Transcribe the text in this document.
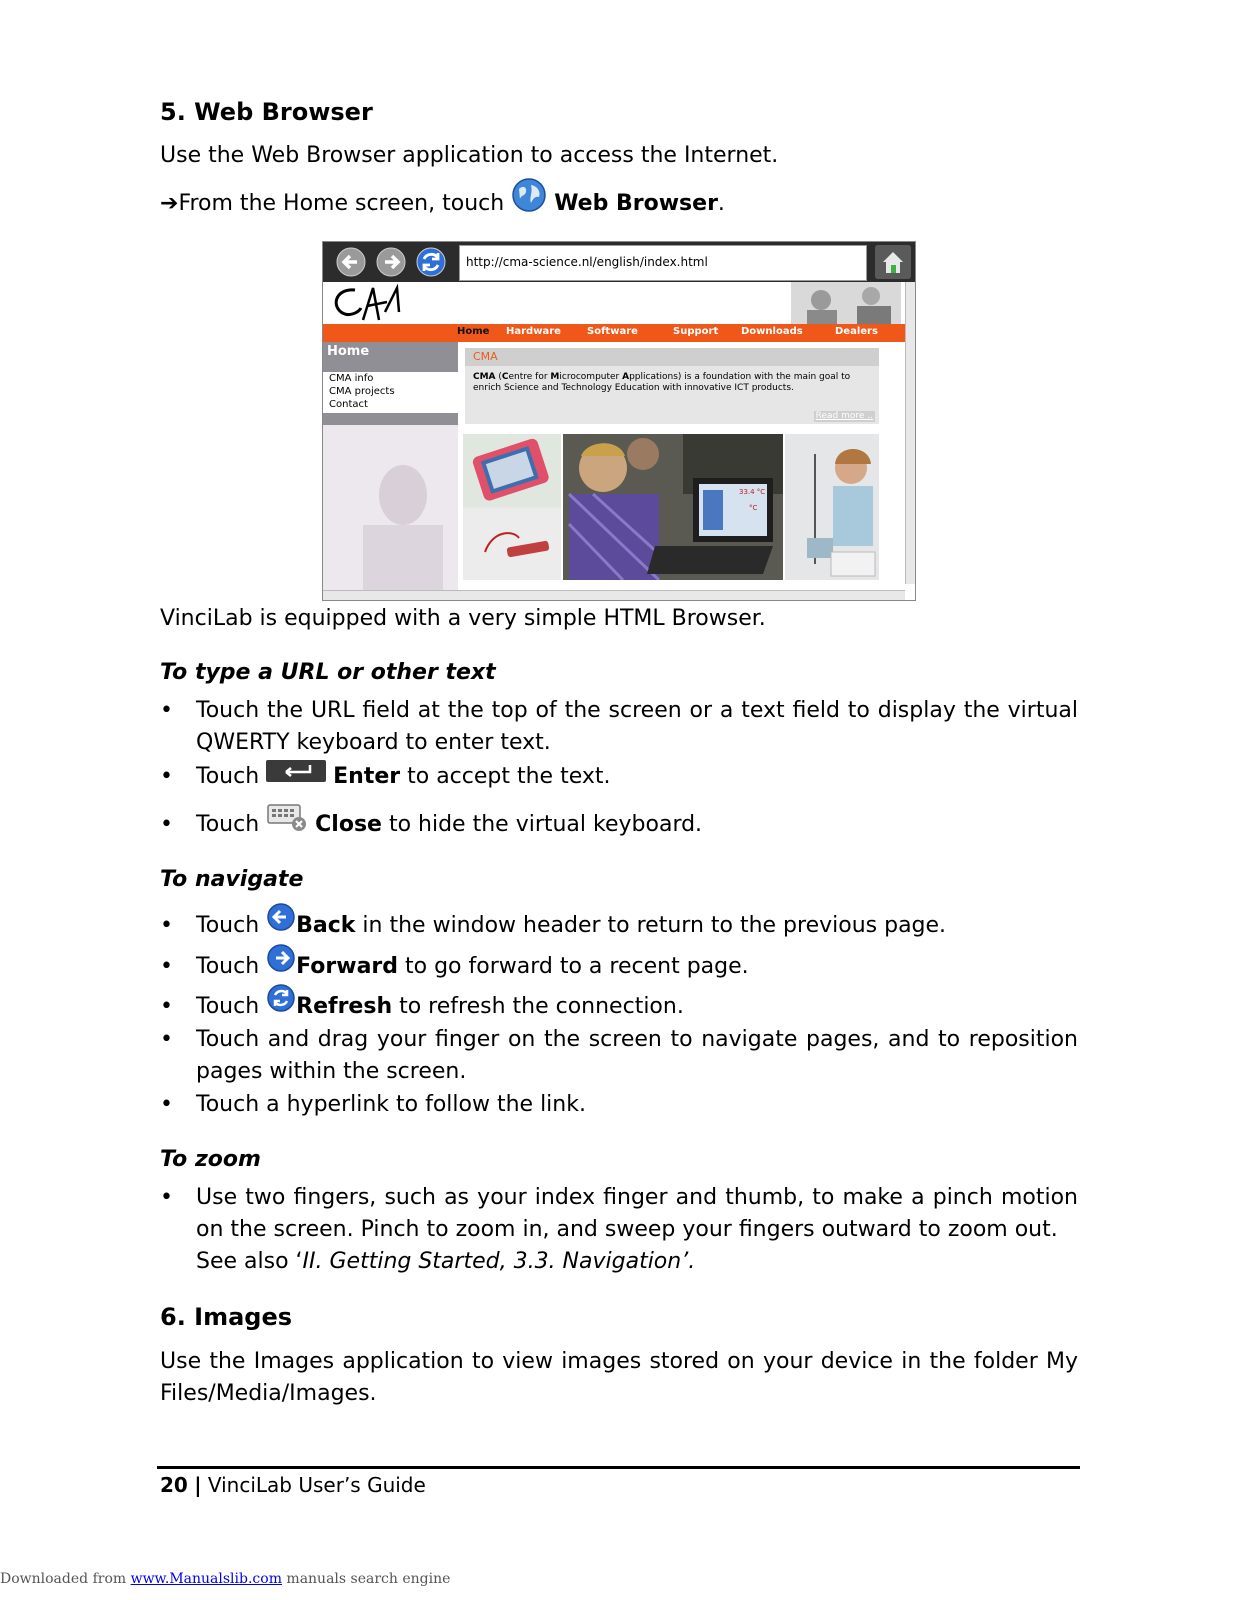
5. Web Browser

Use the Web Browser application to access the Internet.

➔From the Home screen, touch  Web Browser.

VinciLab is equipped with a very simple HTML Browser.

To type a URL or other text

• Touch the URL field at the top of the screen or a text field to display the virtual QWERTY keyboard to enter text.
• Touch	Enter to accept the text.
• Touch  Close to hide the virtual keyboard.

To navigate

• Touch Back in the window header to return to the previous page.
• Touch Forward to go forward to a recent page.
• Touch Refresh to refresh the connection.
• Touch and drag your finger on the screen to navigate pages, and to reposition pages within the screen.
• Touch a hyperlink to follow the link.

To zoom

• Use two fingers, such as your index finger and thumb, to make a pinch motion on the screen. Pinch to zoom in, and sweep your fingers outward to zoom out.
See also ‘II. Getting Started, 3.3. Navigation’.
6. Images

Use the Images application to view images stored on your device in the folder My Files/Media/Images.

http://cma-science.nl/english/index.html
Home Hardware	Software	Support Downloads	Dealers
Home
CMA info
CMA projects
Contact
CMA
CMA (Centre for Microcomputer Applications) is a foundation with the main goal to enrich Science and Technology Education with innovative ICT products.
Read more ..
33.4 °C
°C
20 | VinciLab User’s Guide
Downloaded from www.Manualslib.com manuals search engine
